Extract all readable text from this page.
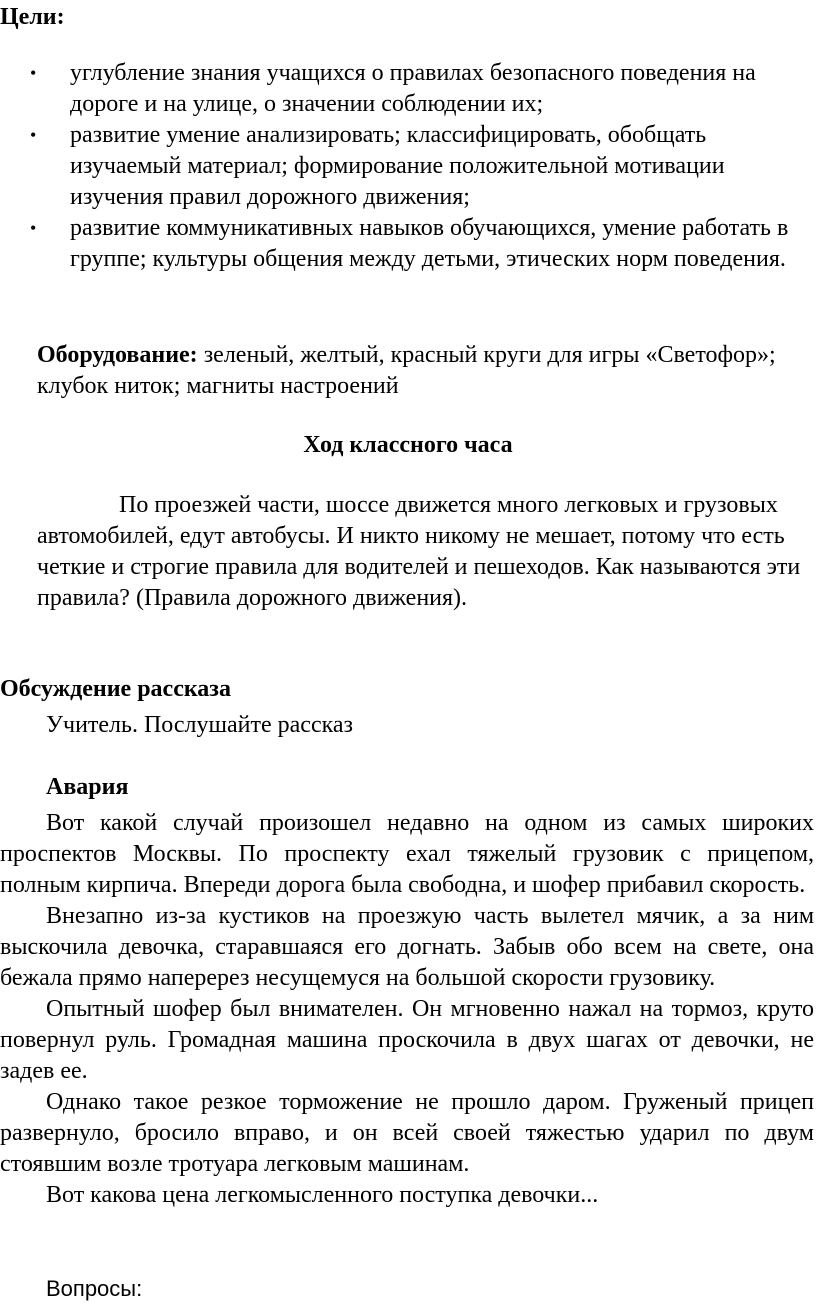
Цели:
• углубление знания учащихся о правилах безопасного поведения на дороге и на улице, о значении соблюдении их;
• развитие умение анализировать; классифицировать, обобщать изучаемый материал; формирование положительной мотивации изучения правил дорожного движения;
• развитие коммуникативных навыков обучающихся, умение работать в группе; культуры общения между детьми, этических норм поведения.
Оборудование: зеленый, желтый, красный круги для игры «Светофор»; клубок ниток; магниты настроений
Ход классного часа
По проезжей части, шоссе движется много легковых и грузовых автомобилей, едут автобусы. И никто никому не мешает, потому что есть четкие и строгие правила для водителей и пешеходов. Как называются эти правила? (Правила дорожного движения).
Обсуждение рассказа
Учитель. Послушайте рассказ
Авария

Вот какой случай произошел недавно на одном из самых широких проспектов Москвы. По проспекту ехал тяжелый грузовик с прицепом, полным кирпича. Впереди дорога была свободна, и шофер прибавил скорость.

Внезапно из-за кустиков на проезжую часть вылетел мячик, а за ним выскочила девочка, старавшаяся его догнать. Забыв обо всем на свете, она бежала прямо наперерез несущемуся на большой скорости грузовику.

Опытный шофер был внимателен. Он мгновенно нажал на тормоз, круто повернул руль. Громадная машина проскочила в двух шагах от девочки, не задев ее.

Однако такое резкое торможение не прошло даром. Груженый прицеп развернуло, бросило вправо, и он всей своей тяжестью ударил по двум стоявшим возле тротуара легковым машинам.

Вот какова цена легкомысленного поступка девочки...

Вопросы:
